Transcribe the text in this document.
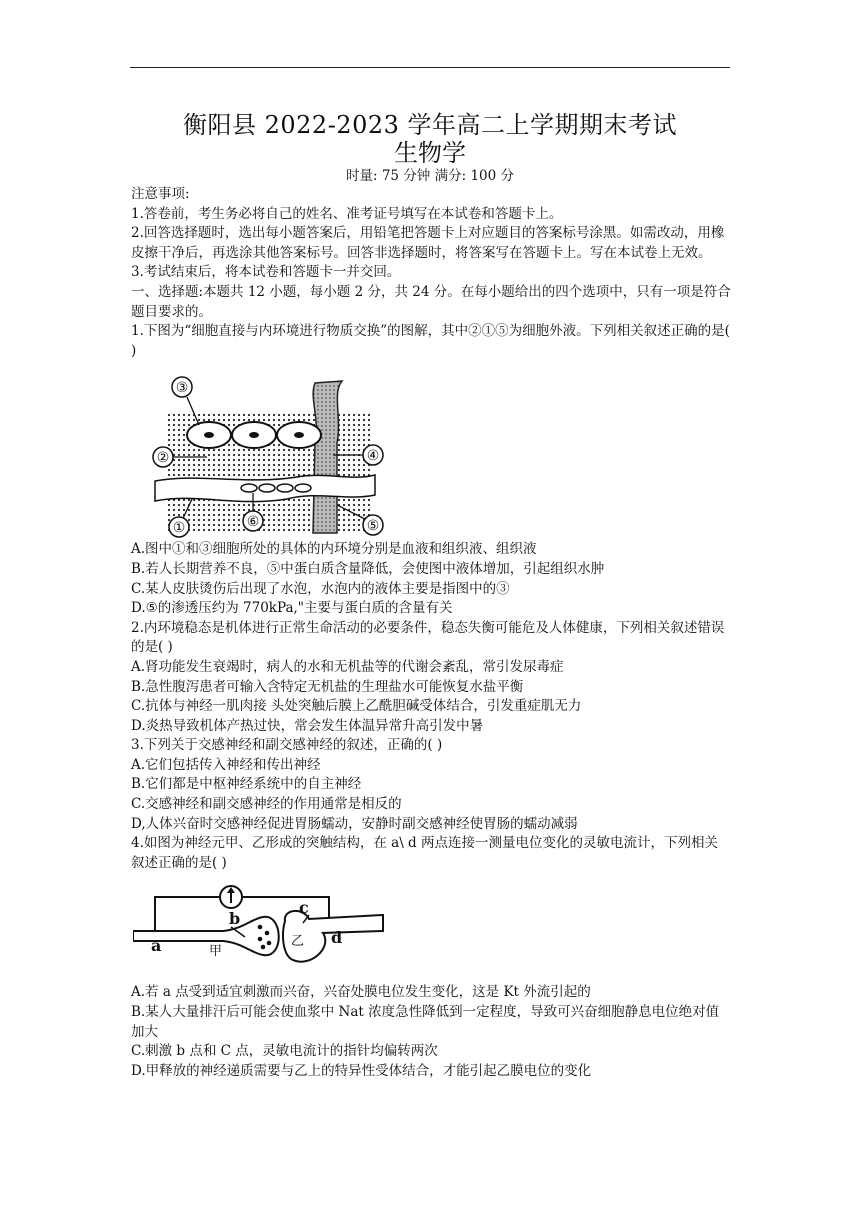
衡阳县 2022-2023 学年高二上学期期末考试
生物学
时量: 75 分钟 满分: 100 分

注意事项:

1.答卷前，考生务必将自己的姓名、准考证号填写在本试卷和答题卡上。

2.回答选择题时，选出每小题答案后，用铅笔把答题卡上对应题目的答案标号涂黑。如需改动，用橡皮擦干净后，再选涂其他答案标号。回答非选择题时，将答案写在答题卡上。写在本试卷上无效。

3.考试结束后，将本试卷和答题卡一并交回。

一、选择题:本题共 12 小题，每小题 2 分，共 24 分。在每小题给出的四个选项中，只有一项是符合题目要求的。

1.下图为“细胞直接与内环境进行物质交换”的图解，其中②①⑤为细胞外液。下列相关叙述正确的是( )

③
②	④
①	⑥	⑤

A.图中①和③细胞所处的具体的内环境分别是血液和组织液、组织液

B.若人长期营养不良，⑤中蛋白质含量降低，会使图中液体增加，引起组织水肿

C.某人皮肤烫伤后出现了水泡，水泡内的液体主要是指图中的③

D.⑤的渗透压约为 770kPa,"主要与蛋白质的含量有关

2.内环境稳态是机体进行正常生命活动的必要条件，稳态失衡可能危及人体健康，下列相关叙述错误的是( )

A.肾功能发生衰竭时，病人的水和无机盐等的代谢会紊乱，常引发尿毒症

B.急性腹泻患者可输入含特定无机盐的生理盐水可能恢复水盐平衡

C.抗体与神经一肌肉接 头处突触后膜上乙酰胆碱受体结合，引发重症肌无力

D.炎热导致机体产热过快，常会发生体温异常升高引发中暑

3.下列关于交感神经和副交感神经的叙述，正确的( )

A.它们包括传入神经和传出神经

B.它们都是中枢神经系统中的自主神经

C.交感神经和副交感神经的作用通常是相反的

D,人体兴奋时交感神经促进胃肠蠕动，安静时副交感神经使胃肠的蠕动减弱

4.如图为神经元甲、乙形成的突触结构，在 a\ d 两点连接一测量电位变化的灵敏电流计，下列相关叙述正确的是( )

a
b
c
d
甲
乙

A.若 a 点受到适宜刺激而兴奋，兴奋处膜电位发生变化，这是 Kt 外流引起的

B.某人大量排汗后可能会使血浆中 Nat 浓度急性降低到一定程度，导致可兴奋细胞静息电位绝对值加大

C.刺激 b 点和 C 点，灵敏电流计的指针均偏转两次

D.甲释放的神经递质需要与乙上的特异性受体结合，才能引起乙膜电位的变化
